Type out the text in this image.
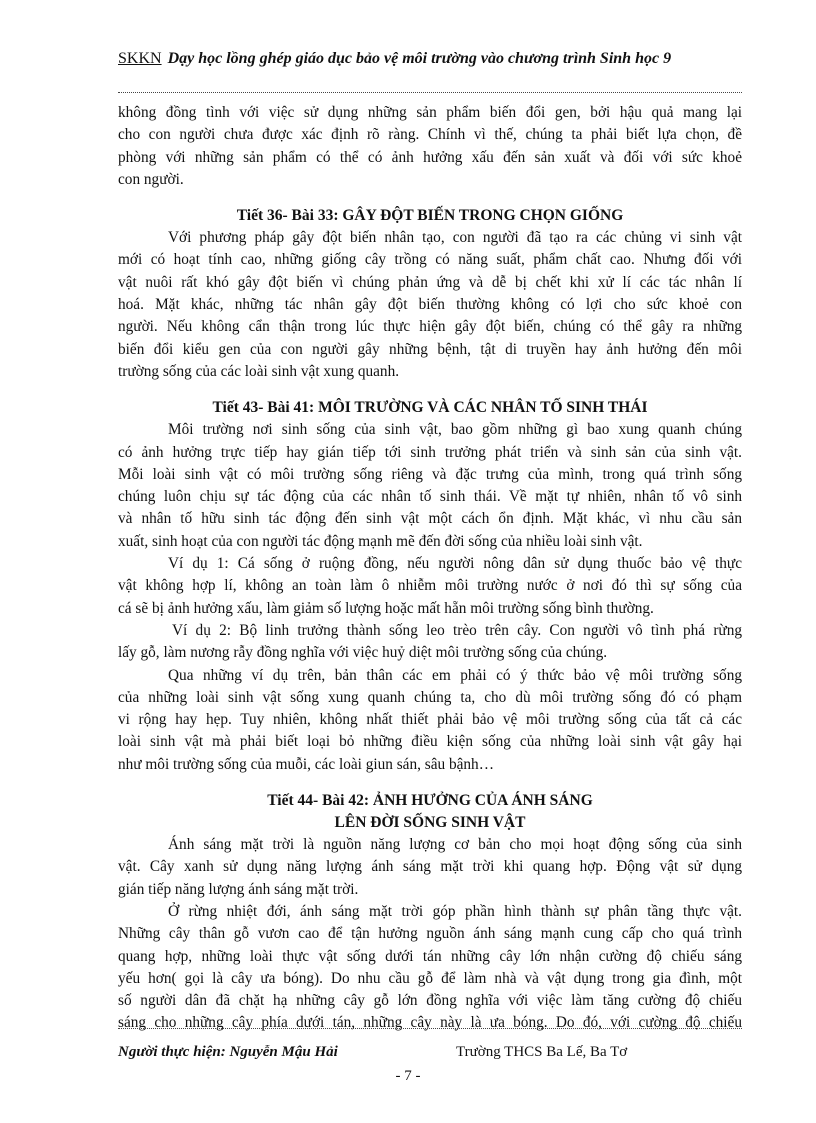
SKKN Dạy học lồng ghép giáo dục bảo vệ môi trường vào chương trình Sinh học 9
không đồng tình với việc sử dụng những sản phẩm biến đổi gen, bởi hậu quả mang lại
cho con người chưa được xác định rõ ràng. Chính vì thế, chúng ta phải biết lựa chọn, đề
phòng với những sản phẩm có thể có ảnh hưởng xấu đến sản xuất và đối với sức khoẻ
con người.
Tiết 36- Bài 33: GÂY ĐỘT BIẾN TRONG CHỌN GIỐNG
Với phương pháp gây đột biến nhân tạo, con người đã tạo ra các chủng vi sinh vật
mới có hoạt tính cao, những giống cây trồng có năng suất, phẩm chất cao. Nhưng đối với
vật nuôi rất khó gây đột biến vì chúng phản ứng và dễ bị chết khi xử lí các tác nhân lí
hoá. Mặt khác, những tác nhân gây đột biến thường không có lợi cho sức khoẻ con
người. Nếu không cẩn thận trong lúc thực hiện gây đột biến, chúng có thể gây ra những
biến đổi kiểu gen của con người gây những bệnh, tật di truyền hay ảnh hưởng đến môi
trường sống của các loài sinh vật xung quanh.
Tiết 43- Bài 41: MÔI TRƯỜNG VÀ CÁC NHÂN TỐ SINH THÁI
Môi trường nơi sinh sống của sinh vật, bao gồm những gì bao xung quanh chúng
có ảnh hưởng trực tiếp hay gián tiếp tới sinh trưởng phát triển và sinh sản của sinh vật.
Mỗi loài sinh vật có môi trường sống riêng và đặc trưng của mình, trong quá trình sống
chúng luôn chịu sự tác động của các nhân tố sinh thái. Về mặt tự nhiên, nhân tố vô sinh
và nhân tố hữu sinh tác động đến sinh vật một cách ổn định. Mặt khác, vì nhu cầu sản
xuất, sinh hoạt của con người tác động mạnh mẽ đến đời sống của nhiều loài sinh vật.
Ví dụ 1: Cá sống ở ruộng đồng, nếu người nông dân sử dụng thuốc bảo vệ thực
vật không hợp lí, không an toàn làm ô nhiễm môi trường nước ở nơi đó thì sự sống của
cá sẽ bị ảnh hưởng xấu, làm giảm số lượng hoặc mất hẵn môi trường sống bình thường.
Ví dụ 2: Bộ linh trưởng thành sống leo trèo trên cây. Con người vô tình phá rừng
lấy gỗ, làm nương rẫy đồng nghĩa với việc huỷ diệt môi trường sống của chúng.
Qua những ví dụ trên, bản thân các em phải có ý thức bảo vệ môi trường sống
của những loài sinh vật sống xung quanh chúng ta, cho dù môi trường sống đó có phạm
vi rộng hay hẹp. Tuy nhiên, không nhất thiết phải bảo vệ môi trường sống của tất cả các
loài sinh vật mà phải biết loại bỏ những điều kiện sống của những loài sinh vật gây hại
như môi trường sống của muỗi, các loài giun sán, sâu bậnh…
Tiết 44- Bài 42: ẢNH HƯỞNG CỦA ÁNH SÁNG
LÊN ĐỜI SỐNG SINH VẬT
Ánh sáng mặt trời là nguồn năng lượng cơ bản cho mọi hoạt động sống của sinh
vật. Cây xanh sử dụng năng lượng ánh sáng mặt trời khi quang hợp. Động vật sử dụng
gián tiếp năng lượng ánh sáng mặt trời.
Ở rừng nhiệt đới, ánh sáng mặt trời góp phần hình thành sự phân tầng thực vật.
Những cây thân gỗ vươn cao để tận hưởng nguồn ánh sáng mạnh cung cấp cho quá trình
quang hợp, những loài thực vật sống dưới tán những cây lớn nhận cường độ chiếu sáng
yếu hơn( gọi là cây ưa bóng). Do nhu cầu gỗ để làm nhà và vật dụng trong gia đình, một
số người dân đã chặt hạ những cây gỗ lớn đồng nghĩa với việc làm tăng cường độ chiếu
sáng cho những cây phía dưới tán, những cây này là ưa bóng. Do đó, với cường độ chiếu
Người thực hiện: Nguyễn Mậu Hải	Trường THCS Ba Lế, Ba Tơ
- 7 -
